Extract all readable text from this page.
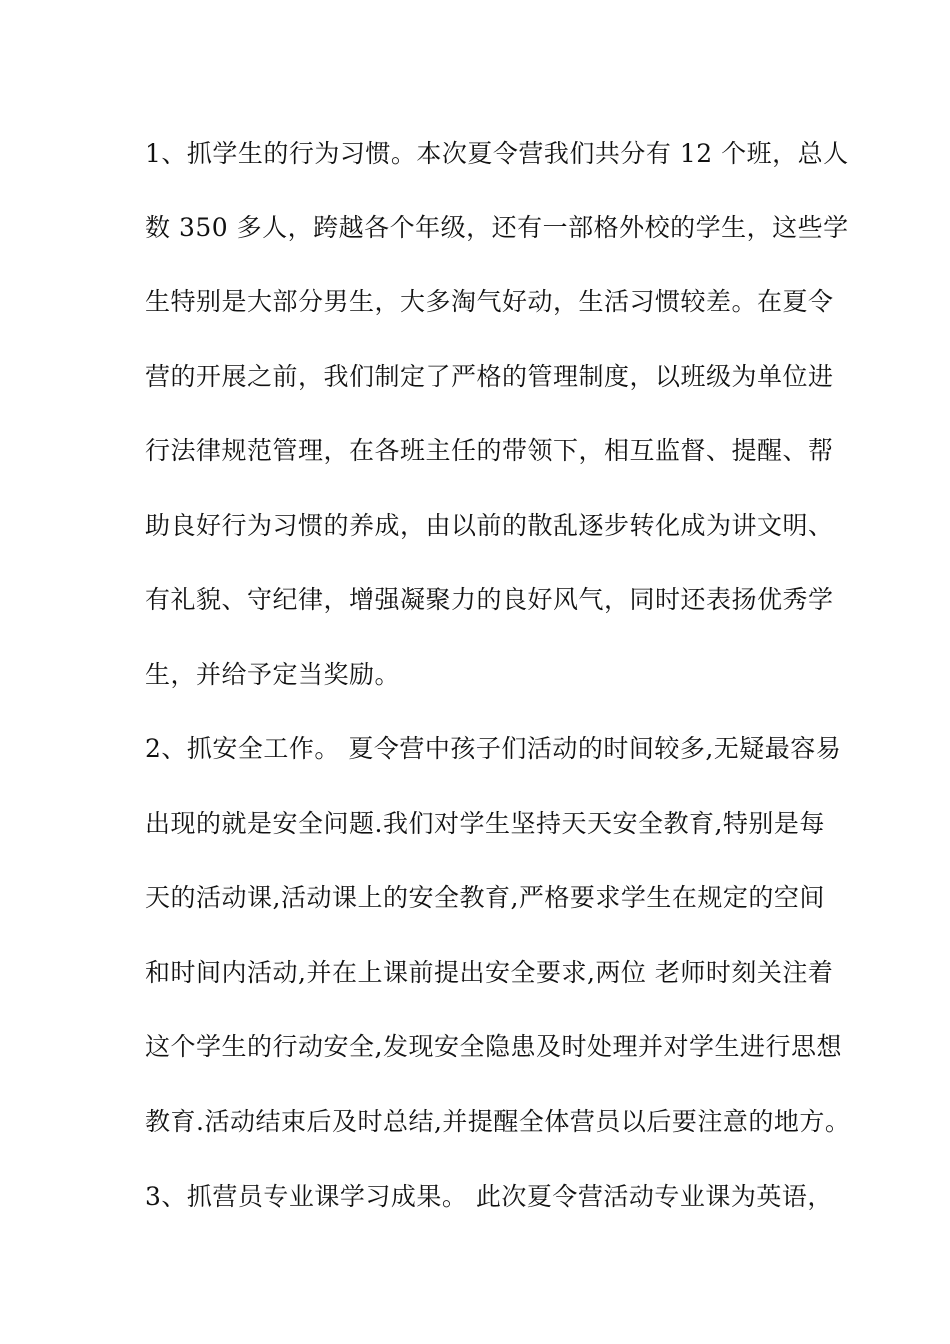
1、抓学生的行为习惯。本次夏令营我们共分有 12 个班，总人
数 350 多人，跨越各个年级，还有一部格外校的学生，这些学
生特别是大部分男生，大多淘气好动，生活习惯较差。在夏令
营的开展之前，我们制定了严格的管理制度，以班级为单位进
行法律规范管理，在各班主任的带领下，相互监督、提醒、帮
助良好行为习惯的养成，由以前的散乱逐步转化成为讲文明、
有礼貌、守纪律，增强凝聚力的良好风气，同时还表扬优秀学
生，并给予定当奖励。
2、抓安全工作。 夏令营中孩子们活动的时间较多,无疑最容易
出现的就是安全问题.我们对学生坚持天天安全教育,特别是每
天的活动课,活动课上的安全教育,严格要求学生在规定的空间
和时间内活动,并在上课前提出安全要求,两位 老师时刻关注着
这个学生的行动安全,发现安全隐患及时处理并对学生进行思想
教育.活动结束后及时总结,并提醒全体营员以后要注意的地方。
3、抓营员专业课学习成果。 此次夏令营活动专业课为英语，
